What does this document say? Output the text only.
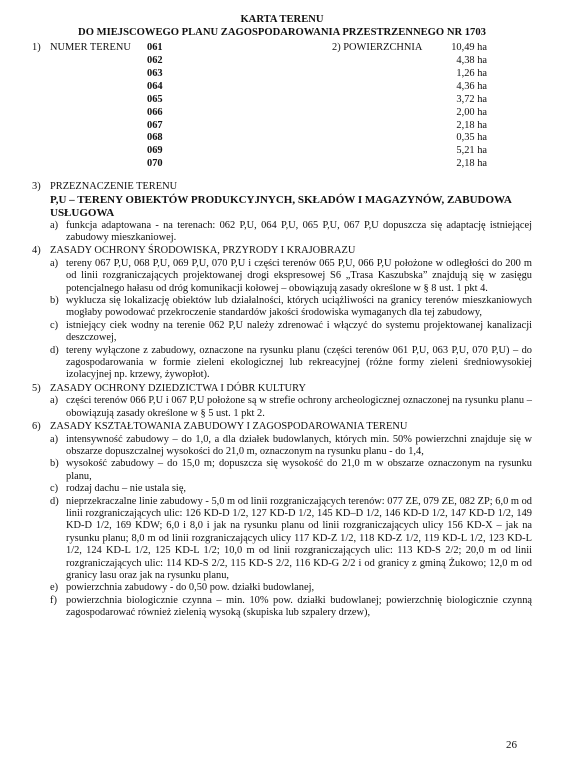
KARTA TERENU
DO MIEJSCOWEGO PLANU ZAGOSPODAROWANIA PRZESTRZENNEGO NR 1703
1) NUMER TERENU 061
062
063
064
065
066
067
068
069
070
2) POWIERZCHNIA	10,49 ha
4,38 ha
1,26 ha
4,36 ha
3,72 ha
2,00 ha
2,18 ha
0,35 ha
5,21 ha
2,18 ha
3) PRZEZNACZENIE TERENU
P,U – TERENY OBIEKTÓW PRODUKCYJNYCH, SKŁADÓW I MAGAZYNÓW, ZABUDOWA USŁUGOWA
a) funkcja adaptowana - na terenach: 062 P,U, 064 P,U, 065 P,U, 067 P,U dopuszcza się adaptację istniejącej zabudowy mieszkaniowej.
4) ZASADY OCHRONY ŚRODOWISKA, PRZYRODY I KRAJOBRAZU
a) tereny 067 P,U, 068 P,U, 069 P,U, 070 P,U i części terenów 065 P,U, 066 P,U położone w odległości do 200 m od linii rozgraniczających projektowanej drogi ekspresowej S6 „Trasa Kaszubska” znajdują się w zasięgu potencjalnego hałasu od dróg komunikacji kołowej – obowiązują zasady określone w § 8 ust. 1 pkt 4.
b) wyklucza się lokalizację obiektów lub działalności, których uciążliwości na granicy terenów mieszkaniowych mogłaby powodować przekroczenie standardów jakości środowiska wymaganych dla tej zabudowy,
c) istniejący ciek wodny na terenie 062 P,U należy zdrenować i włączyć do systemu projektowanej kanalizacji deszczowej,
d) tereny wyłączone z zabudowy, oznaczone na rysunku planu (części terenów 061 P,U, 063 P,U, 070 P,U) – do zagospodarowania w formie zieleni ekologicznej lub rekreacyjnej (różne formy zieleni średniowysokiej izolacyjnej np. krzewy, żywopłot).
5) ZASADY OCHRONY DZIEDZICTWA I DÓBR KULTURY
a) części terenów 066 P,U i 067 P,U położone są w strefie ochrony archeologicznej oznaczonej na rysunku planu – obowiązują zasady określone w § 5 ust. 1 pkt 2.
6) ZASADY KSZTAŁTOWANIA ZABUDOWY I ZAGOSPODAROWANIA TERENU
a) intensywność zabudowy – do 1,0, a dla działek budowlanych, których min. 50% powierzchni znajduje się w obszarze dopuszczalnej wysokości do 21,0 m, oznaczonym na rysunku planu - do 1,4,
b) wysokość zabudowy – do 15,0 m; dopuszcza się wysokość do 21,0 m w obszarze oznaczonym na rysunku planu,
c) rodzaj dachu – nie ustala się,
d) nieprzekraczalne linie zabudowy - 5,0 m od linii rozgraniczających terenów: 077 ZE, 079 ZE, 082 ZP; 6,0 m od linii rozgraniczających ulic: 126 KD-D 1/2, 127 KD-D 1/2, 145 KD–D 1/2, 146 KD-D 1/2, 147 KD-D 1/2, 149 KD-D 1/2, 169 KDW; 6,0 i 8,0 i jak na rysunku planu od linii rozgraniczających ulicy 156 KD-X – jak na rysunku planu; 8,0 m od linii rozgraniczających ulicy 117 KD-Z 1/2, 118 KD-Z 1/2, 119 KD-L 1/2, 123 KD-L 1/2, 124 KD-L 1/2, 125 KD-L 1/2; 10,0 m od linii rozgraniczających ulic: 113 KD-S 2/2; 20,0 m od linii rozgraniczających ulic: 114 KD-S 2/2, 115 KD-S 2/2, 116 KD-G 2/2 i od granicy z gminą Żukowo; 12,0 m od granicy lasu oraz jak na rysunku planu,
e) powierzchnia zabudowy - do 0,50 pow. działki budowlanej,
f) powierzchnia biologicznie czynna – min. 10% pow. działki budowlanej; powierzchnię biologicznie czynną zagospodarować również zielenią wysoką (skupiska lub szpalery drzew),
26
